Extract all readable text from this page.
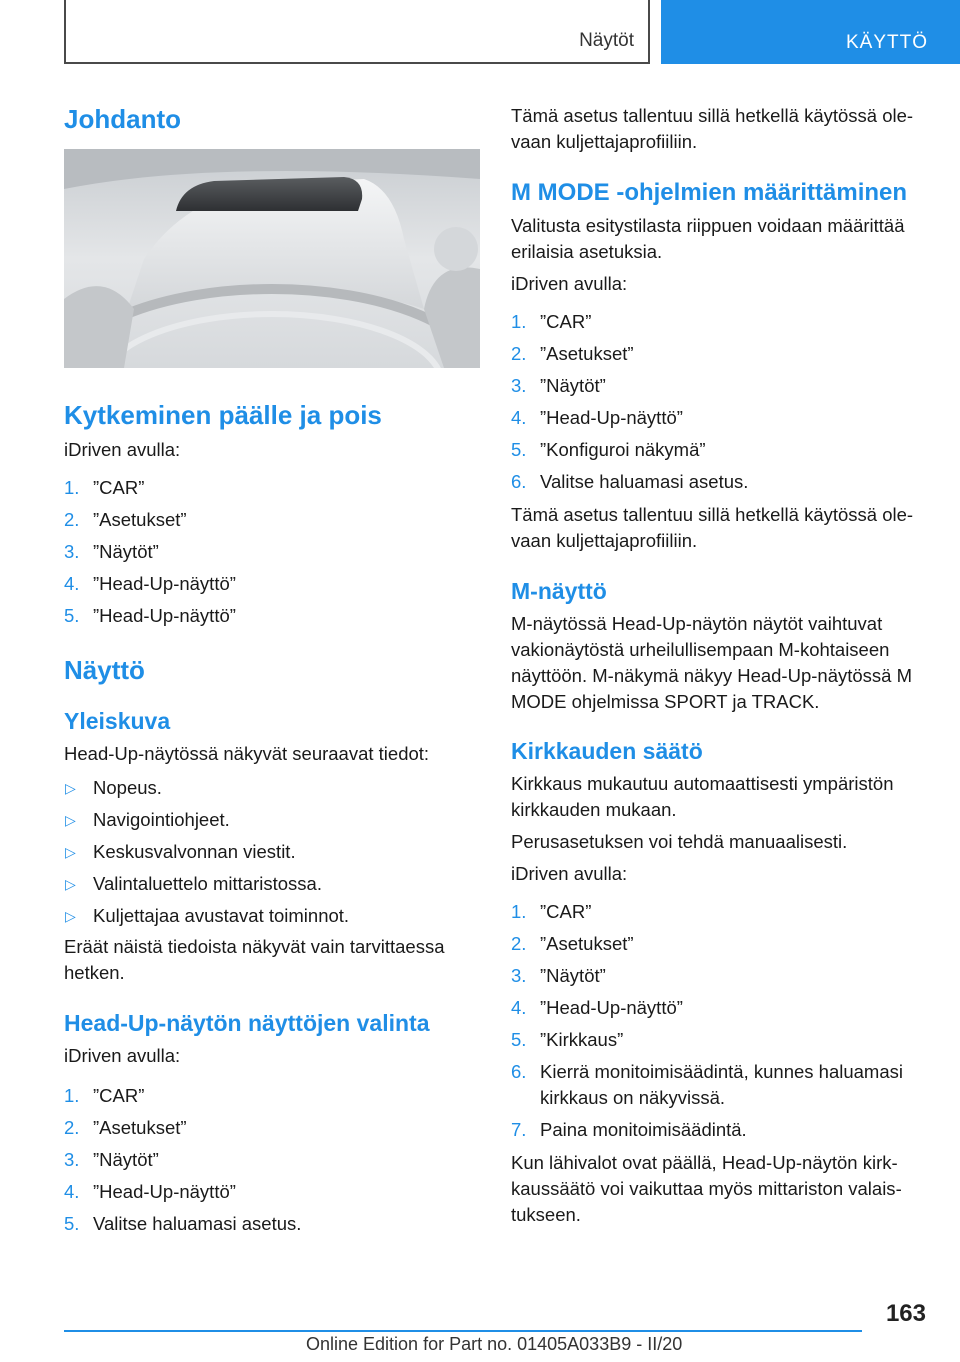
Näytöt	KÄYTTÖ
Johdanto
Kytkeminen päälle ja pois
iDriven avulla:
1. ”CAR”
2. ”Asetukset”
3. ”Näytöt”
4. ”Head-Up-näyttö”
5. ”Head-Up-näyttö”
Näyttö
Yleiskuva
Head-Up-näytössä näkyvät seuraavat tiedot:
▷ Nopeus.
▷ Navigointiohjeet.
▷ Keskusvalvonnan viestit.
▷ Valintaluettelo mittaristossa.
▷ Kuljettajaa avustavat toiminnot.
Eräät näistä tiedoista näkyvät vain tarvittaessa hetken.
Head-Up-näytön näyttöjen valinta
iDriven avulla:
1. ”CAR”
2. ”Asetukset”
3. ”Näytöt”
4. ”Head-Up-näyttö”
5. Valitse haluamasi asetus.
Tämä asetus tallentuu sillä hetkellä käytössä olevaan kuljettajaprofiiliin.
M MODE -ohjelmien määrittäminen
Valitusta esitystilasta riippuen voidaan määrittää erilaisia asetuksia.
iDriven avulla:
1. ”CAR”
2. ”Asetukset”
3. ”Näytöt”
4. ”Head-Up-näyttö”
5. ”Konfiguroi näkymä”
6. Valitse haluamasi asetus.
Tämä asetus tallentuu sillä hetkellä käytössä olevaan kuljettajaprofiiliin.
M-näyttö
M-näytössä Head-Up-näytön näytöt vaihtuvat vakionäytöstä urheilullisempaan M-kohtaiseen näyttöön. M-näkymä näkyy Head-Up-näytössä M MODE ohjelmissa SPORT ja TRACK.
Kirkkauden säätö
Kirkkaus mukautuu automaattisesti ympäristön kirkkauden mukaan.
Perusasetuksen voi tehdä manuaalisesti.
iDriven avulla:
1. ”CAR”
2. ”Asetukset”
3. ”Näytöt”
4. ”Head-Up-näyttö”
5. ”Kirkkaus”
6. Kierrä monitoimisäädintä, kunnes haluamasi kirkkaus on näkyvissä.
7. Paina monitoimisäädintä.
Kun lähivalot ovat päällä, Head-Up-näytön kirkkaussäätö voi vaikuttaa myös mittariston valaistukseen.
163
Online Edition for Part no. 01405A033B9 - II/20
